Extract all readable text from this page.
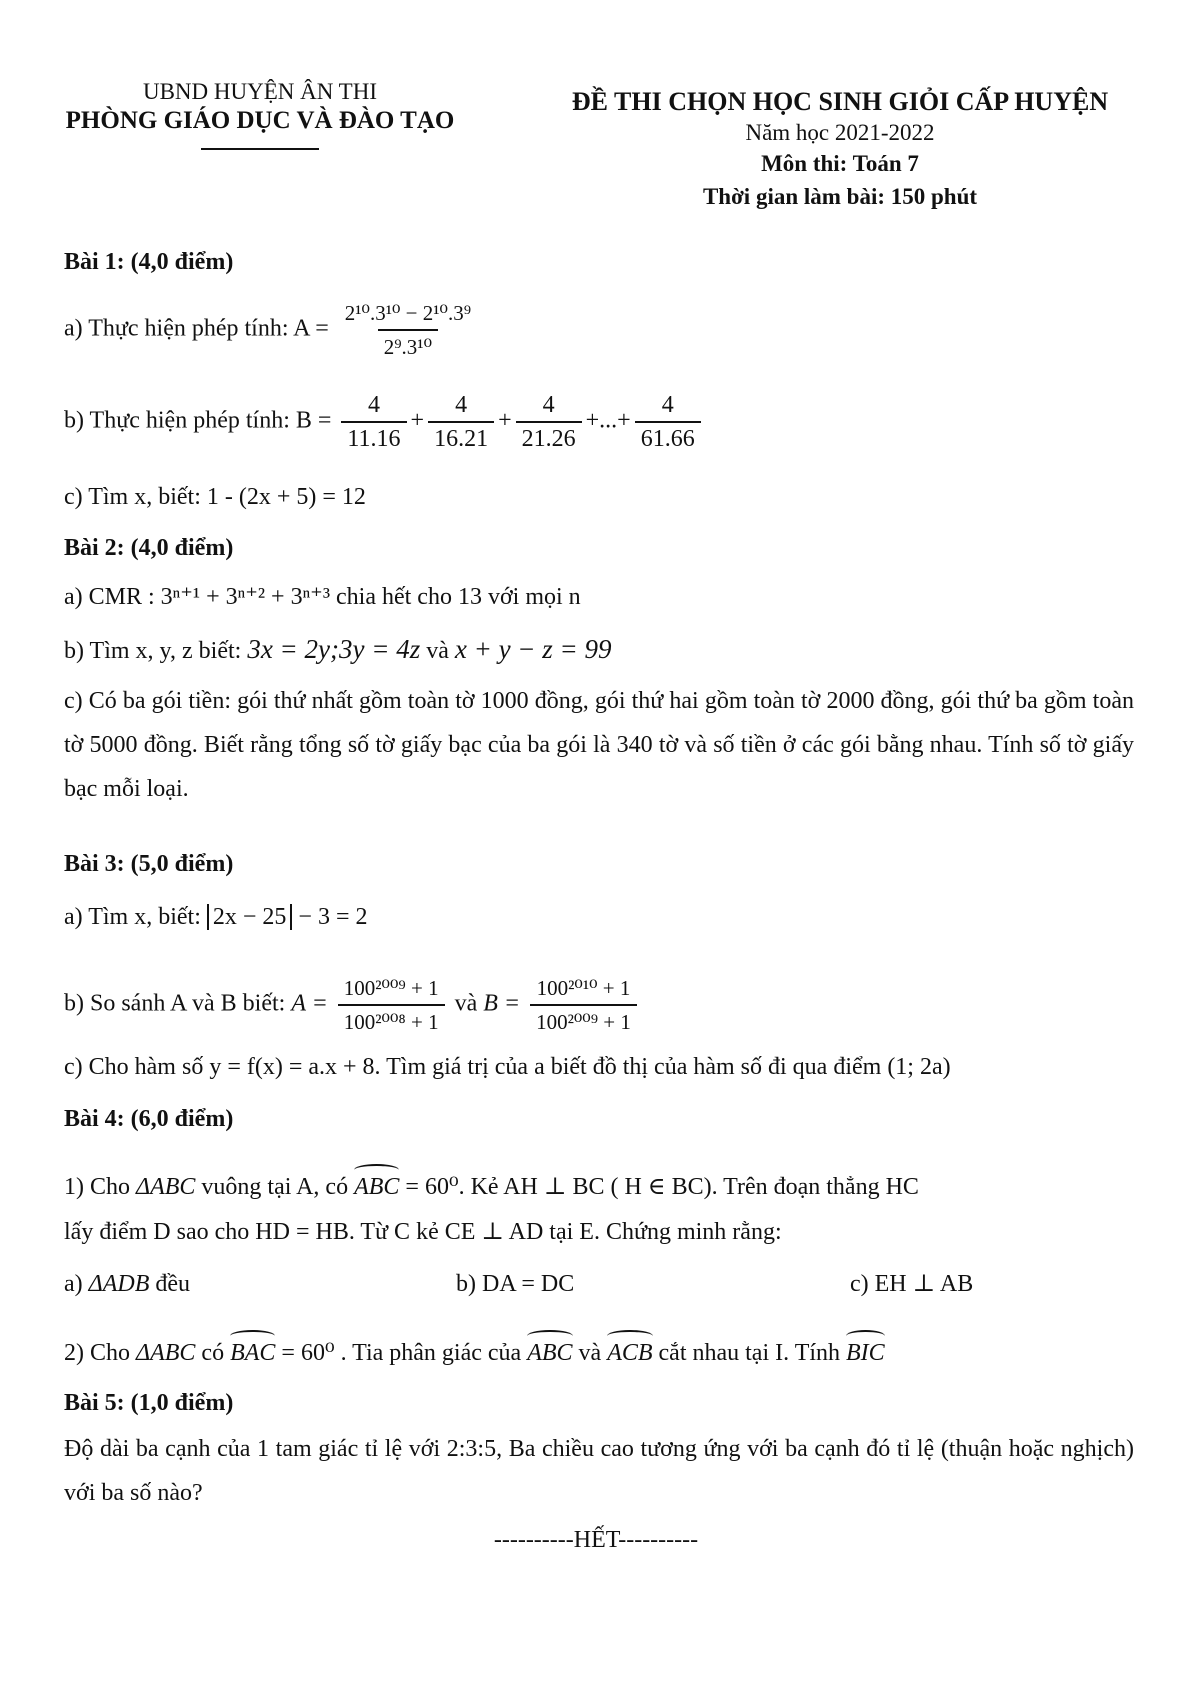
UBND HUYỆN ÂN THI
PHÒNG GIÁO DỤC VÀ ĐÀO TẠO
ĐỀ THI CHỌN HỌC SINH GIỎI CẤP HUYỆN
Năm học 2021-2022
Môn thi: Toán 7
Thời gian làm bài: 150 phút
Bài 1: (4,0 điểm)
a) Thực hiện phép tính: $A = \frac{\text{2¹⁰.3¹⁰ − 2¹⁰.3⁹}}{\text{2⁹.3¹⁰}}$
b) Thực hiện phép tính: $B = \frac{4}{11.16} + \frac{4}{16.21} + \frac{4}{21.26}$ +...+ $\frac{4}{61.66}$
c) Tìm x, biết: 1 - (2x + 5) = 12
Bài 2: (4,0 điểm)
a) CMR : 3ⁿ⁺¹ + 3ⁿ⁺² + 3ⁿ⁺³ chia hết cho 13 với mọi n
b) Tìm x, y, z biết: 3x = 2y;3y = 4z và x + y − z = 99
c) Có ba gói tiền: gói thứ nhất gồm toàn tờ 1000 đồng, gói thứ hai gồm toàn tờ 2000 đồng, gói thứ ba gồm toàn tờ 5000 đồng. Biết rằng tổng số tờ giấy bạc của ba gói là 340 tờ và số tiền ở các gói bằng nhau. Tính số tờ giấy bạc mỗi loại.
Bài 3: (5,0 điểm)
a) Tìm x, biết: 2x − 25 − 3 = 2
b) So sánh A và B biết: $A = \frac{\text{100²⁰⁰⁹ + 1}}{\text{100²⁰⁰⁸ + 1}}$ và $B = \frac{\text{100²⁰¹⁰ + 1}}{\text{100²⁰⁰⁹ + 1}}$
c) Cho hàm số y = f(x) = a.x + 8. Tìm giá trị của a biết đồ thị của hàm số đi qua điểm (1; 2a)
Bài 4: (6,0 điểm)
1) Cho ΔABC vuông tại A, có ABC = 60⁰. Kẻ AH ⊥ BC ( H ∈ BC). Trên đoạn thẳng HC
lấy điểm D sao cho HD = HB. Từ C kẻ CE ⊥ AD tại E. Chứng minh rằng:
a) ΔADB đều	b) DA = DC	c) EH ⊥ AB
2) Cho ΔABC có BAC = 60⁰ . Tia phân giác của ABC và ACB cắt nhau tại I. Tính BIC
Bài 5: (1,0 điểm)
Độ dài ba cạnh của 1 tam giác tỉ lệ với 2:3:5, Ba chiều cao tương ứng với ba cạnh đó tỉ lệ (thuận hoặc nghịch) với ba số nào?
----------HẾT----------
